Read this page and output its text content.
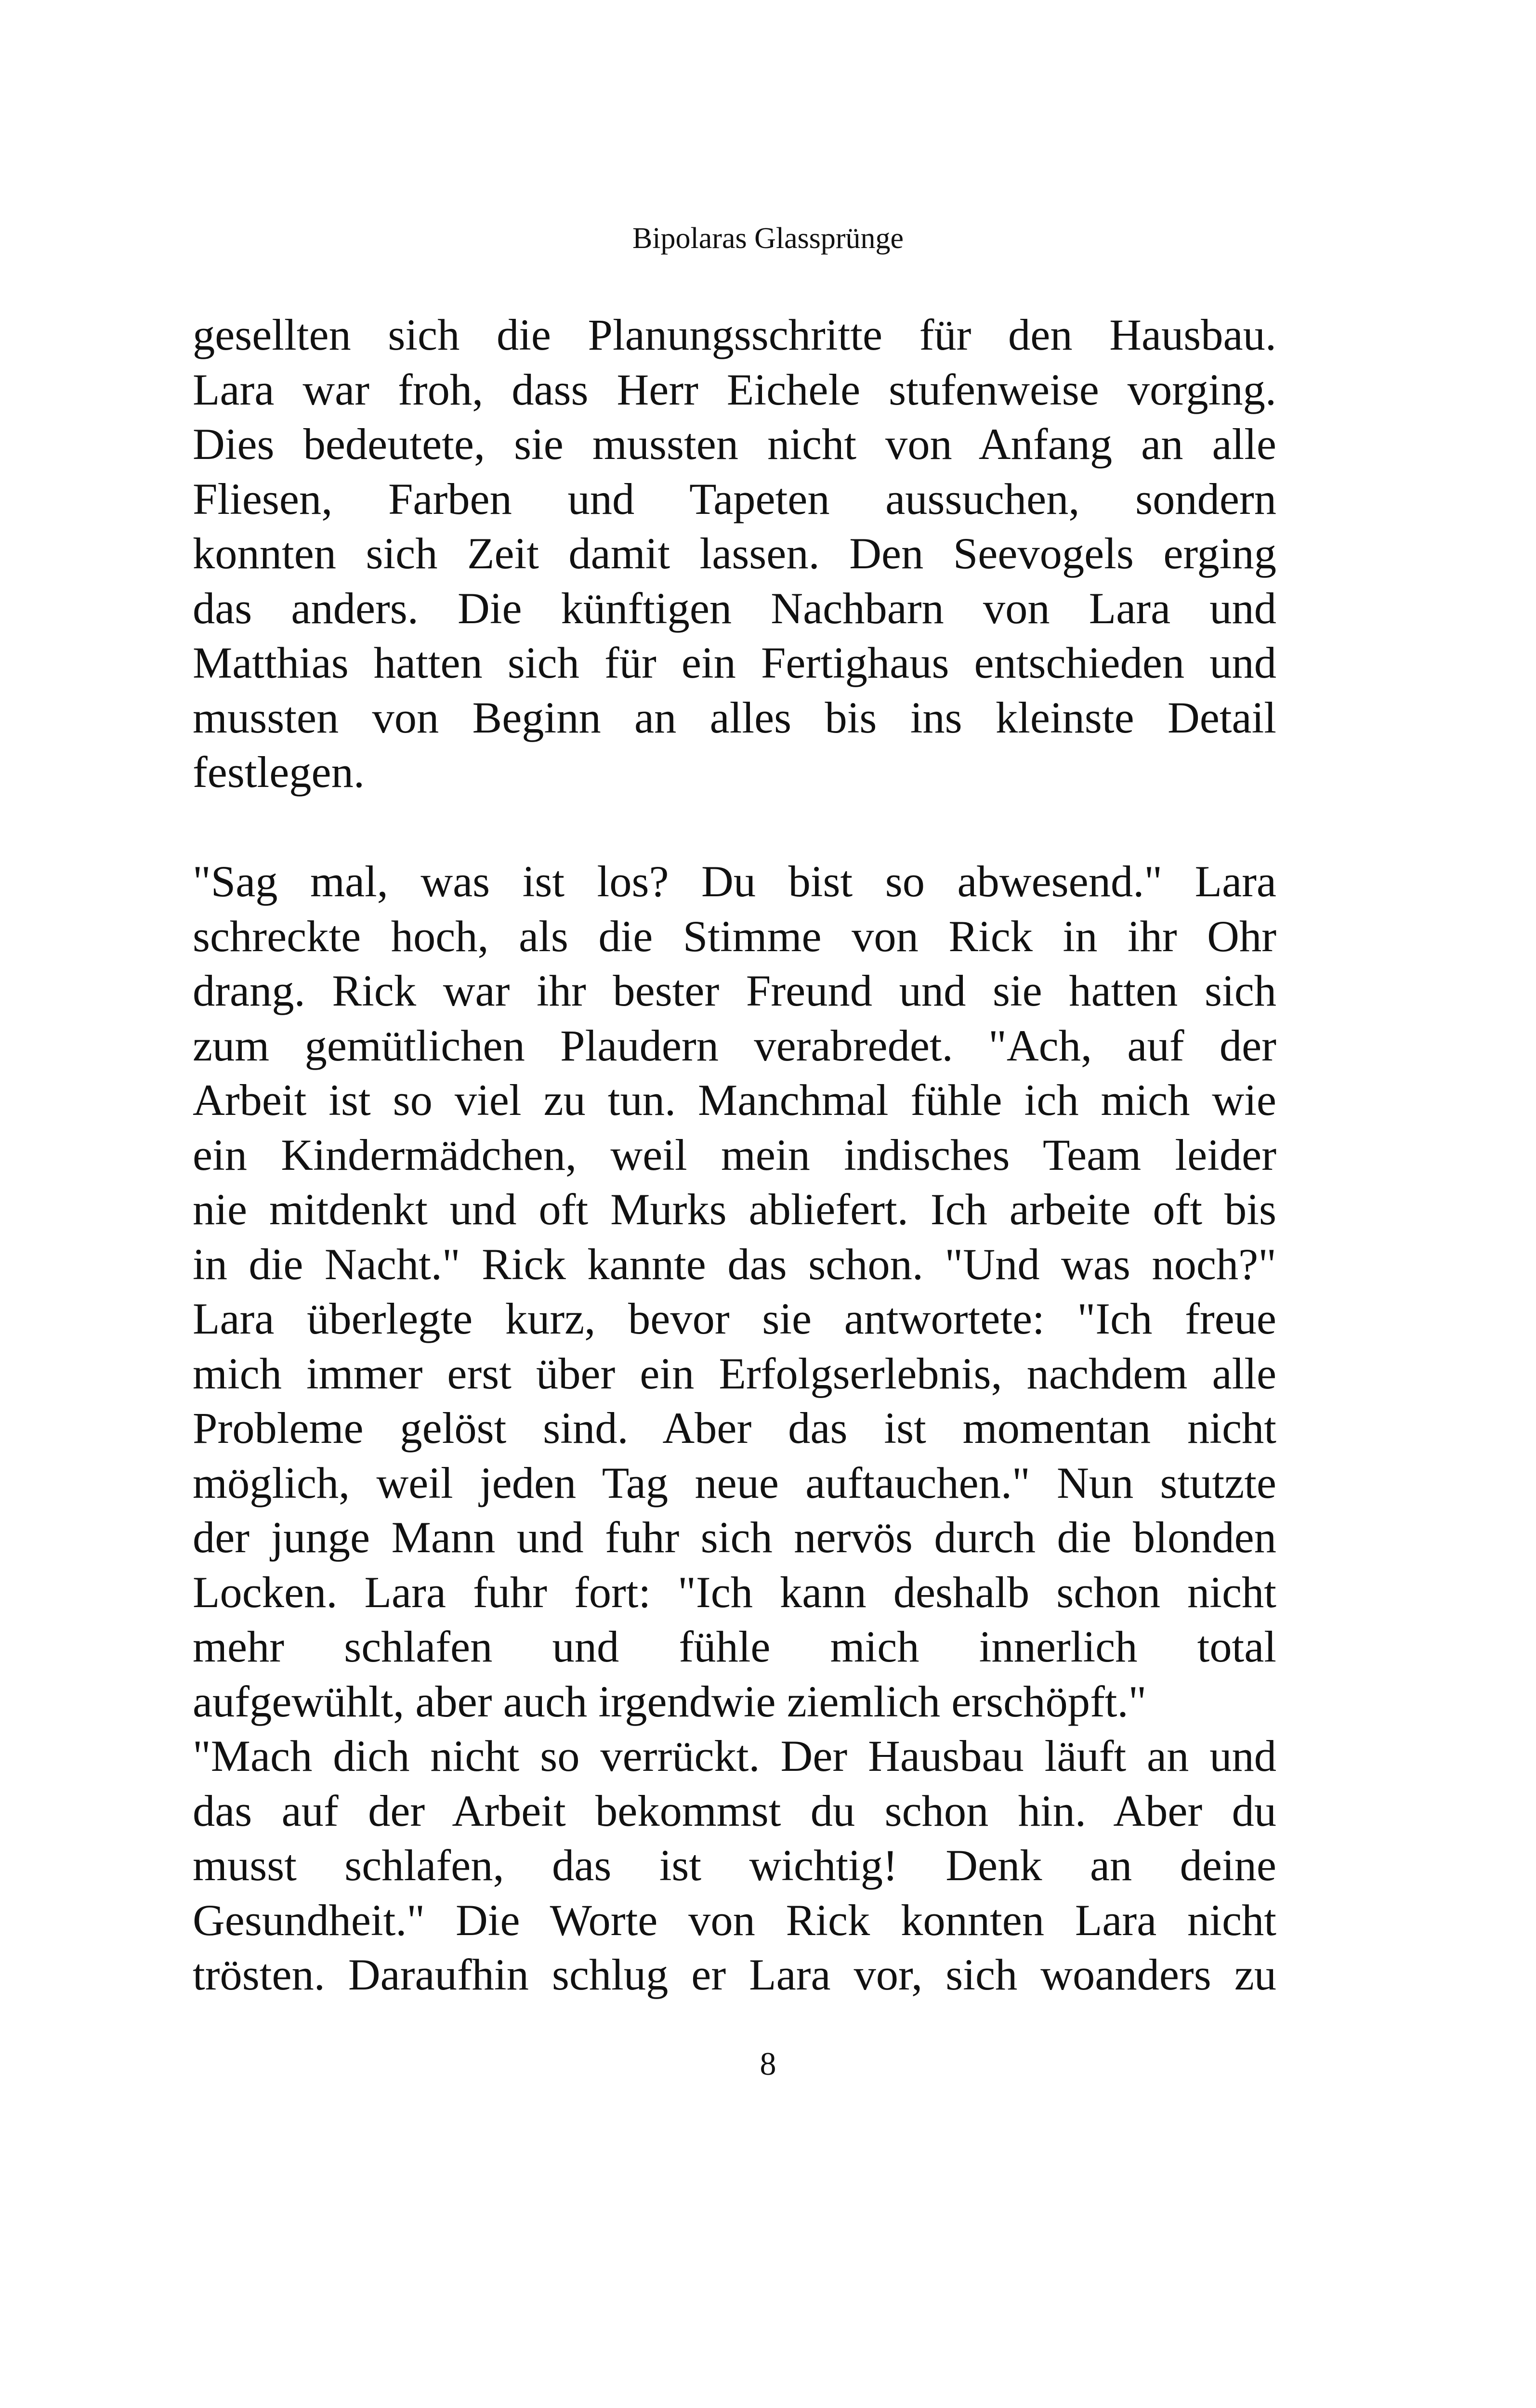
Bipolaras Glassprünge
gesellten sich die Planungsschritte für den Hausbau.
Lara war froh, dass Herr Eichele stufenweise vorging.
Dies bedeutete, sie mussten nicht von Anfang an alle
Fliesen, Farben und Tapeten aussuchen, sondern
konnten sich Zeit damit lassen. Den Seevogels erging
das anders. Die künftigen Nachbarn von Lara und
Matthias hatten sich für ein Fertighaus entschieden und
mussten von Beginn an alles bis ins kleinste Detail
festlegen.
"Sag mal, was ist los? Du bist so abwesend." Lara
schreckte hoch, als die Stimme von Rick in ihr Ohr
drang. Rick war ihr bester Freund und sie hatten sich
zum gemütlichen Plaudern verabredet. "Ach, auf der
Arbeit ist so viel zu tun. Manchmal fühle ich mich wie
ein Kindermädchen, weil mein indisches Team leider
nie mitdenkt und oft Murks abliefert. Ich arbeite oft bis
in die Nacht." Rick kannte das schon. "Und was noch?"
Lara überlegte kurz, bevor sie antwortete: "Ich freue
mich immer erst über ein Erfolgserlebnis, nachdem alle
Probleme gelöst sind. Aber das ist momentan nicht
möglich, weil jeden Tag neue auftauchen." Nun stutzte
der junge Mann und fuhr sich nervös durch die blonden
Locken. Lara fuhr fort: "Ich kann deshalb schon nicht
mehr schlafen und fühle mich innerlich total
aufgewühlt, aber auch irgendwie ziemlich erschöpft."
"Mach dich nicht so verrückt. Der Hausbau läuft an und
das auf der Arbeit bekommst du schon hin. Aber du
musst schlafen, das ist wichtig! Denk an deine
Gesundheit." Die Worte von Rick konnten Lara nicht
trösten. Daraufhin schlug er Lara vor, sich woanders zu
8
